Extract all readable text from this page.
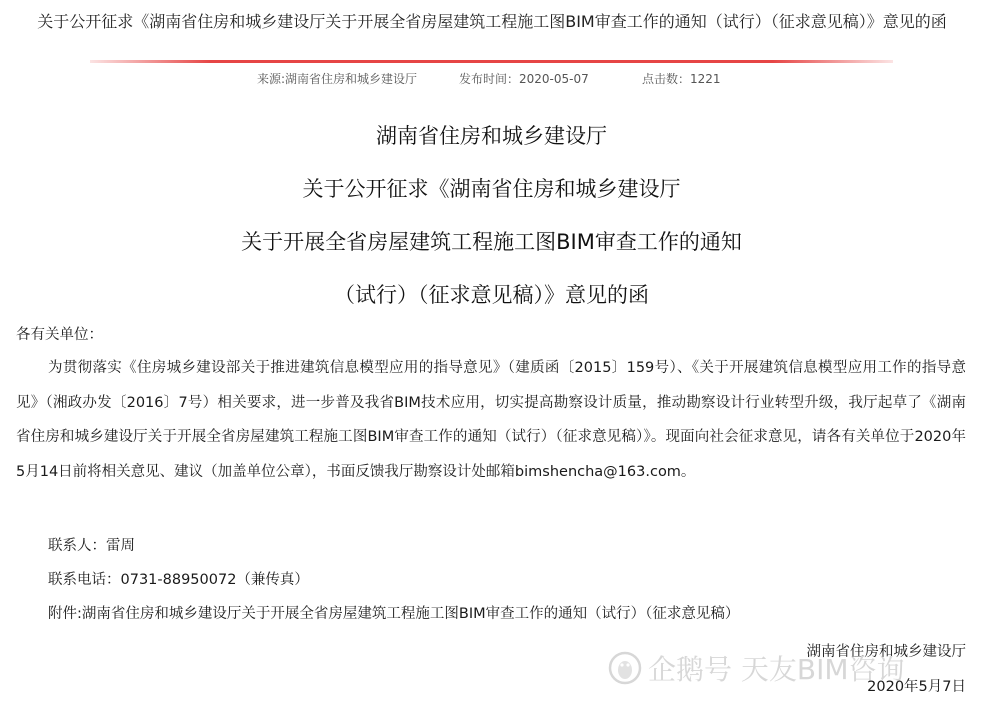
关于公开征求《湖南省住房和城乡建设厅关于开展全省房屋建筑工程施工图BIM审查工作的通知（试行）（征求意见稿）》意见的函
来源:湖南省住房和城乡建设厅	发布时间：2020-05-07	点击数：1221
湖南省住房和城乡建设厅
关于公开征求《湖南省住房和城乡建设厅
关于开展全省房屋建筑工程施工图BIM审查工作的通知
（试行）（征求意见稿）》意见的函
各有关单位：
为贯彻落实《住房城乡建设部关于推进建筑信息模型应用的指导意见》（建质函〔2015〕159号）、《关于开展建筑信息模型应用工作的指导意见》（湘政办发〔2016〕7号）相关要求，进一步普及我省BIM技术应用，切实提高勘察设计质量，推动勘察设计行业转型升级，我厅起草了《湖南省住房和城乡建设厅关于开展全省房屋建筑工程施工图BIM审查工作的通知（试行）（征求意见稿）》。现面向社会征求意见，请各有关单位于2020年5月14日前将相关意见、建议（加盖单位公章），书面反馈我厅勘察设计处邮箱bimshencha@163.com。
联系人：雷周
联系电话：0731-88950072（兼传真）
附件:湖南省住房和城乡建设厅关于开展全省房屋建筑工程施工图BIM审查工作的通知（试行）（征求意见稿）
湖南省住房和城乡建设厅
企鹅号 天友BIM咨询
2020年5月7日
